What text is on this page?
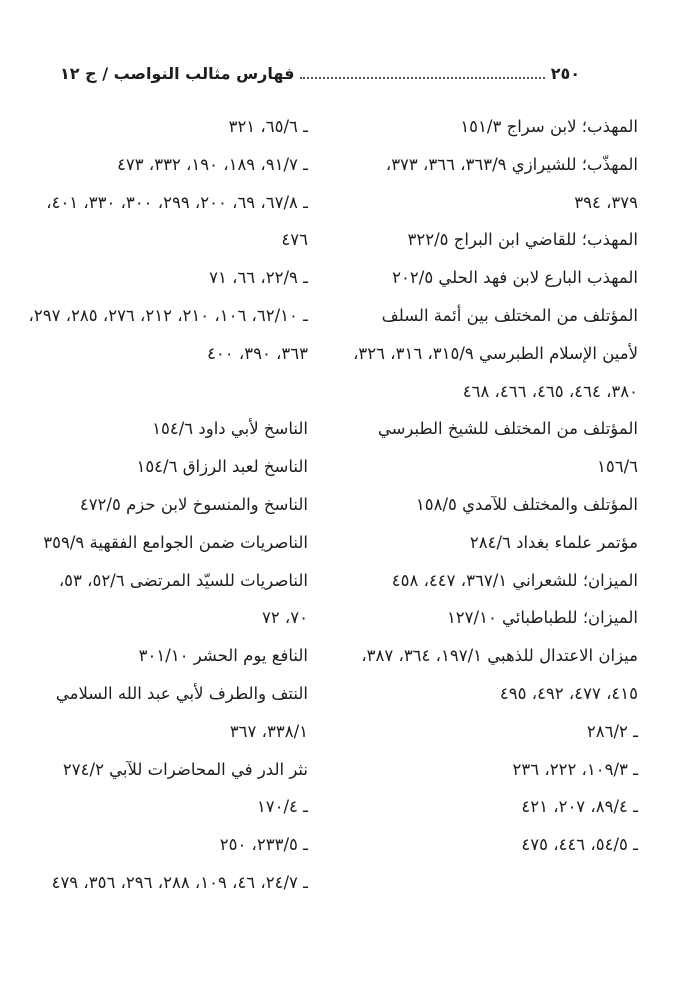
٢٥٠
فهارس مثالب النواصب / ج ١٢
المهذب؛ لابن سراج ١٥١/٣
المهذّب؛ للشيرازي ٣٦٣/٩، ٣٦٦، ٣٧٣،
٣٧٩، ٣٩٤
المهذب؛ للقاضي ابن البراج ٣٢٢/٥
المهذب البارع لابن فهد الحلي ٢٠٢/٥
المؤتلف من المختلف بين أئمة السلف
لأمين الإسلام الطبرسي ٣١٥/٩، ٣١٦، ٣٢٦،
٣٨٠، ٤٦٤، ٤٦٥، ٤٦٦، ٤٦٨
المؤتلف من المختلف للشيخ الطبرسي
١٥٦/٦
المؤتلف والمختلف للآمدي ١٥٨/٥
مؤتمر علماء بغداد ٢٨٤/٦
الميزان؛ للشعراني ٣٦٧/١، ٤٤٧، ٤٥٨
الميزان؛ للطباطبائي ١٢٧/١٠
ميزان الاعتدال للذهبي ١٩٧/١، ٣٦٤، ٣٨٧،
٤١٥، ٤٧٧، ٤٩٢، ٤٩٥
ـ ٢٨٦/٢
ـ ١٠٩/٣، ٢٢٢، ٢٣٦
ـ ٨٩/٤، ٢٠٧، ٤٢١
ـ ٥٤/٥، ٤٤٦، ٤٧٥
ـ ٦٥/٦، ٣٢١
ـ ٩١/٧، ١٨٩، ١٩٠، ٣٣٢، ٤٧٣
ـ ٦٧/٨، ٦٩، ٢٠٠، ٢٩٩، ٣٠٠، ٣٣٠، ٤٠١، ٤٧٦
ـ ٢٢/٩، ٦٦، ٧١
ـ ٦٢/١٠، ١٠٦، ٢١٠، ٢١٢، ٢٧٦، ٢٨٥، ٢٩٧،
٣٦٣، ٣٩٠، ٤٠٠
الناسخ لأبي داود ١٥٤/٦
الناسخ لعبد الرزاق ١٥٤/٦
الناسخ والمنسوخ لابن حزم ٤٧٢/٥
الناصريات ضمن الجوامع الفقهية ٣٥٩/٩
الناصريات للسيّد المرتضى ٥٢/٦، ٥٣،
٧٠، ٧٢
النافع يوم الحشر ٣٠١/١٠
النتف والطرف لأبي عبد الله السلامي
٣٣٨/١، ٣٦٧
نثر الدر في المحاضرات للآبي ٢٧٤/٢
ـ ١٧٠/٤
ـ ٢٣٣/٥، ٢٥٠
ـ ٢٤/٧، ٤٦، ١٠٩، ٢٨٨، ٢٩٦، ٣٥٦، ٤٧٩
